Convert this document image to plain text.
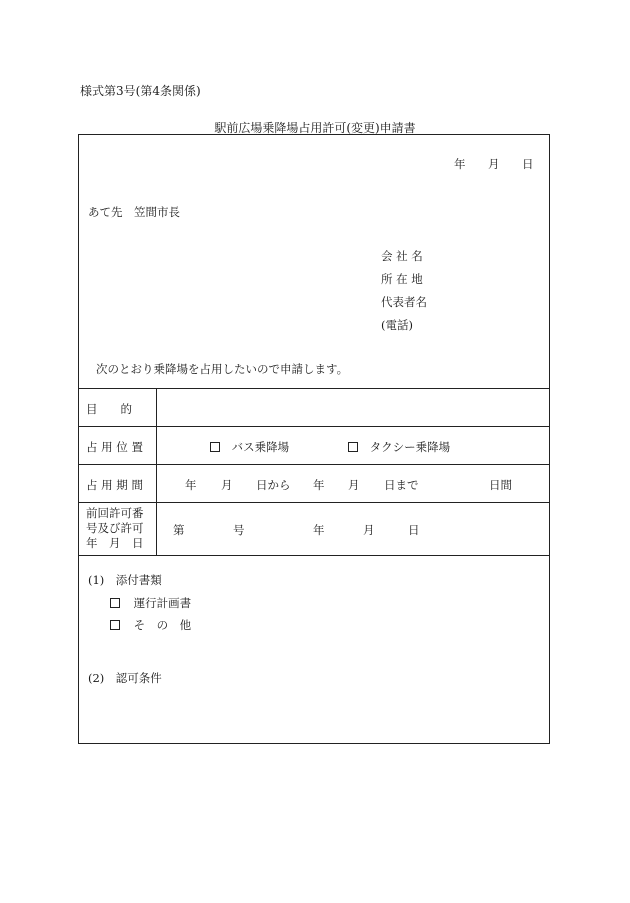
様式第3号(第4条関係)
駅前広場乗降場占用許可(変更)申請書
年 月 日
あて先　笠間市長
会 社 名
所 在 地
代表者名
(電話)
次のとおり乗降場を占用したいので申請します。
目　　的
占 用 位 置	バス乗降場	タクシー乗降場
占 用 期 間	年 月 日から 年 月 日まで	日間
前回許可番
号及び許可
年　月　日
第	号	年	月	日
(1)　添付書類
運行計画書
そ　の　他
(2)　認可条件
